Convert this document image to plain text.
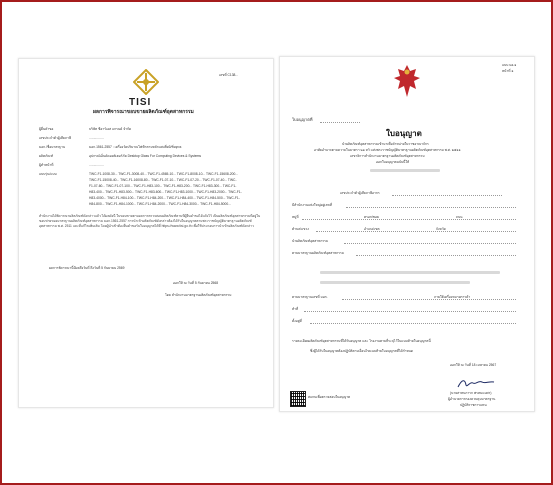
เลขที่ C138...
TISI
ผลการพิจารณาขอบขายผลิตภัณฑ์อุตสาหกรรม
ผู้ยื่นคำขอ	บริษัท ซีอาร์เอส แกรนด์ จำกัด
เลขประจำตัวผู้เสียภาษี	................
มอก./ชื่อมาตรฐาน	มอก.1561-2557 : เครื่องวัดปริมาณไฟฟ้าตามหลักแสงสี่ยมิ/ซิ่งยุทธ
ผลิตภัณฑ์	อุปกรณ์เอ็นด์คอยล์เตอร์ภัย Desktop Glass For Computing Devices & Systems
ผู้ทำหน้าที่	................
แบบรุ่น/แบบ	TWC-F1-1008-30... TWC-F1-3008-40... TWC-F1-4565-10... TWC-F1-8008-10... TWC-F1-15608-200...
TWC-F1-15008-40... TWC-F1-16008-80... TWC-F1-07-10... TWC-F1-07-20... TWC-F1-07-40... TWC-
F1-07-60... TWC-F1-07-100... TWC-F1-H83-100... TWC-F1-H83-200... TWC-F1-H83-300... TWC-F1-
H83-400... TWC-F1-H83-500... TWC-F1-H83-600... TWC-F1-H83-1000... TWC-F1-H83-2000... TWC-F1-
H83-4000... TWC-F1-H84-100... TWC-F1-H84-200... TWC-F1-H84-400... TWC-F1-H84-500... TWC-F1-
H84-800... TWC-F1-H84-1000... TWC-F1-H84-2000... TWC-F1-H84-3000... TWC-F1-H84-5000...
สำนักงานได้พิจารณาผลิตภัณฑ์ดังกล่าวแล้ว ได้ผลดังนี้ ในขอบขายตามผลการตรวจสอบผลิตภัณฑ์ตามที่ผู้ยื่นคำขอได้แจ้งไว้ เป็นผลิตภัณฑ์อุตสาหกรรมที่อยู่ในขอบข่ายของมาตรฐานผลิตภัณฑ์อุตสาหกรรม มอก.1561-2557 การนำเข้าผลิตภัณฑ์ดังกล่าวต้องได้รับใบอนุญาตตามพระราชบัญญัติมาตรฐานผลิตภัณฑ์อุตสาหกรรม พ.ศ. 2511 และที่แก้ไขเพิ่มเติม โดยผู้นำเข้าต้องยื่นคำขอรับใบอนุญาตได้ที่ https://www.tisi.go.th เพื่อใช้ประกอบการนำเข้าผลิตภัณฑ์ดังกล่าว
ผลการพิจารณานี้มีผลถึงวันที่ ถึงวันที่ 5 กันยายน 2569
ออกให้ ณ วันที่ 5 กันยายน 2568
โดย สำนักงานมาตรฐานผลิตภัณฑ์อุตสาหกรรม
แบบ มอ.๑
หน้าที่ ๑
ใบอนุญาตที่
ใบอนุญาต
นำผลิตภัณฑ์อุตสาหกรรมเข้ามาเพื่อจำหน่ายในราชอาณาจักร
อาศัยอำนาจตามความในมาตรา ๒๑ ทวิ แห่งพระราชบัญญัติมาตรฐานผลิตภัณฑ์อุตสาหกรรม พ.ศ. ๒๕๑๑
เลขาธิการสำนักงานมาตรฐานผลิตภัณฑ์อุตสาหกรรม
ออกใบอนุญาตฉบับนี้ให้
เลขประจำตัวผู้เสียภาษีอากร
มีสำนักงานแห่งใหญ่อยู่เลขที่
หมู่ที่	ตรอก/ซอย	ถนน
ตำบล/แขวง	อำเภอ/เขต	จังหวัด
นำผลิตภัณฑ์อุตสาหกรรม
ตามมาตรฐานผลิตภัณฑ์อุตสาหกรรม
ตามมาตรฐานเลขที่ มอก.	ภายใต้เครื่องหมายการค้า
ทำที่
ตั้งอยู่ที่
รายละเอียดผลิตภัณฑ์อุตสาหกรรมที่ได้รับอนุญาต และ โรงงานตามที่ระบุไว้ในแนบท้ายใบอนุญาตนี้
ซึ่งผู้ได้รับใบอนุญาตต้องปฏิบัติตามเงื่อนไขแนบท้ายใบอนุญาตที่ได้กำหนด
ออกให้ ณ วันที่ 18 เมษายน 2567
(นายสาทนการก พรหมแมศร)
ผู้อำนวยการกองควบคุมมาตรฐาน
ปฏิบัติราชการแทน
สแกนเพื่อตรวจสอบใบอนุญาต
